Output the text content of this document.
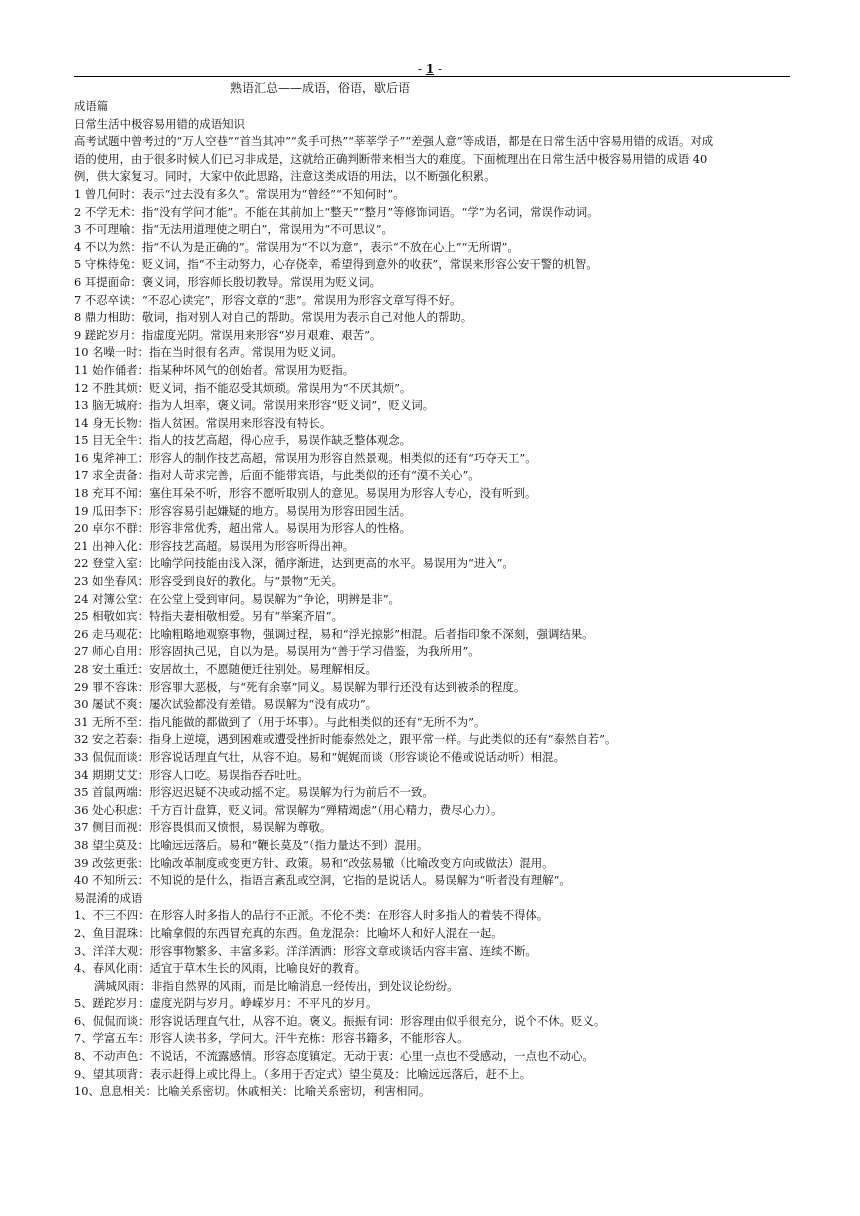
- 1 -
熟语汇总——成语，俗语，歇后语
成语篇
日常生活中极容易用错的成语知识
高考试题中曾考过的“万人空巷”“首当其冲”“炙手可热”“莘莘学子”“差强人意”等成语，都是在日常生活中容易用错的成语。对成
语的使用，由于很多时候人们已习非成是，这就给正确判断带来相当大的难度。下面梳理出在日常生活中极容易用错的成语 40
例，供大家复习。同时，大家中依此思路，注意这类成语的用法，以不断强化积累。
1 曾几何时：表示“过去没有多久”。常误用为“曾经”“不知何时”。
2 不学无术：指“没有学问才能”。不能在其前加上“整天”“整月”等修饰词语。“学”为名词，常误作动词。
3 不可理喻：指“无法用道理使之明白”，常误用为“不可思议”。
4 不以为然：指“不认为是正确的”。常误用为“不以为意”，表示“不放在心上”“无所谓”。
5 守株待兔：贬义词，指“不主动努力，心存侥幸，希望得到意外的收获”，常误来形容公安干警的机智。
6 耳提面命：褒义词，形容师长殷切教导。常误用为贬义词。
7 不忍卒读：“不忍心读完”，形容文章的“悲”。常误用为形容文章写得不好。
8 鼎力相助：敬词，指对别人对自己的帮助。常误用为表示自己对他人的帮助。
9 蹉跎岁月：指虚度光阴。常误用来形容“岁月艰难、艰苦”。
10 名噪一时：指在当时很有名声。常误用为贬义词。
11 始作俑者：指某种坏风气的创始者。常误用为贬指。
12 不胜其烦：贬义词，指不能忍受其烦琐。常误用为“不厌其烦”。
13 脑无城府：指为人坦率，褒义词。常误用来形容“贬义词”，贬义词。
14 身无长物：指人贫困。常误用来形容没有特长。
15 目无全牛：指人的技艺高超，得心应手，易误作缺乏整体观念。
16 鬼斧神工：形容人的制作技艺高超，常误用为形容自然景观。相类似的还有“巧夺天工”。
17 求全责备：指对人苛求完善，后面不能带宾语，与此类似的还有“漠不关心”。
18 充耳不闻：塞住耳朵不听，形容不愿听取别人的意见。易误用为形容人专心，没有听到。
19 瓜田李下：形容容易引起嫌疑的地方。易误用为形容田园生活。
20 卓尔不群：形容非常优秀，超出常人。易误用为形容人的性格。
21 出神入化：形容技艺高超。易误用为形容听得出神。
22 登堂入室：比喻学问技能由浅入深，循序渐进，达到更高的水平。易误用为“进入”。
23 如坐春风：形容受到良好的教化。与“景物”无关。
24 对簿公堂：在公堂上受到审问。易误解为“争论，明辨是非”。
25 相敬如宾：特指夫妻相敬相爱。另有“举案齐眉”。
26 走马观花：比喻粗略地观察事物，强调过程，易和“浮光掠影”相混。后者指印象不深刻，强调结果。
27 师心自用：形容固执己见，自以为是。易误用为“善于学习借鉴，为我所用”。
28 安土重迁：安居故土，不愿随便迁往别处。易理解相反。
29 罪不容诛：形容罪大恶极，与“死有余辜”同义。易误解为罪行还没有达到被杀的程度。
30 屡试不爽：屡次试验都没有差错。易误解为“没有成功”。
31 无所不至：指凡能做的都做到了（用于坏事）。与此相类似的还有“无所不为”。
32 安之若泰：指身上逆境，遇到困难或遭受挫折时能泰然处之，跟平常一样。与此类似的还有“泰然自若”。
33 侃侃而谈：形容说话理直气壮，从容不迫。易和“娓娓而谈（形容谈论不倦或说话动听）相混。
34 期期艾艾：形容人口吃。易误指吞吞吐吐。
35 首鼠两端：形容迟迟疑不决或动摇不定。易误解为行为前后不一致。
36 处心积虑：千方百计盘算，贬义词。常误解为“殚精竭虑”（用心精力，费尽心力）。
37 侧目而视：形容畏惧而又愤恨，易误解为尊敬。
38 望尘莫及：比喻远远落后。易和“鞭长莫及”（指力量达不到）混用。
39 改弦更张：比喻改革制度或变更方针、政策。易和“改弦易辙（比喻改变方向或做法）混用。
40 不知所云：不知说的是什么，指语言紊乱或空洞，它指的是说话人。易误解为“听者没有理解”。
易混淆的成语
1、不三不四：在形容人时多指人的品行不正派。不伦不类：在形容人时多指人的着装不得体。
2、鱼目混珠：比喻拿假的东西冒充真的东西。鱼龙混杂：比喻坏人和好人混在一起。
3、洋洋大观：形容事物繁多、丰富多彩。洋洋洒洒：形容文章或谈话内容丰富、连续不断。
4、春风化雨：适宜于草木生长的风雨，比喻良好的教育。
满城风雨：非指自然界的风雨，而是比喻消息一经传出，到处议论纷纷。
5、蹉跎岁月：虚度光阴与岁月。峥嵘岁月：不平凡的岁月。
6、侃侃而谈：形容说话理直气壮，从容不迫。褒义。振振有词：形容理由似乎很充分，说个不休。贬义。
7、学富五车：形容人读书多，学问大。汗牛充栋：形容书籍多，不能形容人。
8、不动声色：不说话，不流露感情。形容态度镇定。无动于衷：心里一点也不受感动，一点也不动心。
9、望其项背：表示赶得上或比得上。（多用于否定式）望尘莫及：比喻远远落后，赶不上。
10、息息相关：比喻关系密切。休戚相关：比喻关系密切，利害相同。
